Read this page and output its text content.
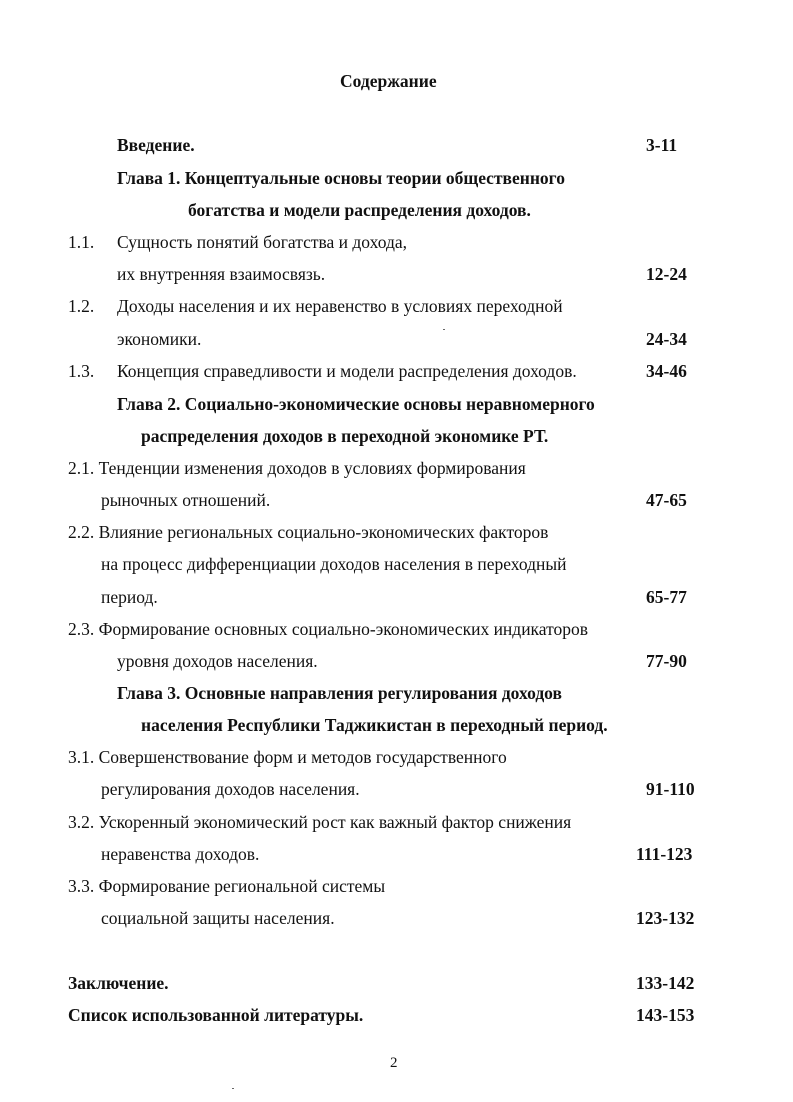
Содержание
Введение.	3-11
Глава 1. Концептуальные основы теории общественного
богатства и модели распределения доходов.
1.1. Сущность понятий богатства и дохода,
их внутренняя взаимосвязь.	12-24
1.2. Доходы населения и их неравенство в условиях переходной
экономики.	24-34
1.3. Концепция справедливости и модели распределения доходов.	34-46
Глава 2. Социально-экономические основы неравномерного
распределения доходов в переходной экономике РТ.
2.1. Тенденции изменения доходов в условиях формирования
рыночных отношений.	47-65
2.2. Влияние региональных социально-экономических факторов
на процесс дифференциации доходов населения в переходный
период.	65-77
2.3. Формирование основных социально-экономических индикаторов
уровня доходов населения.	77-90
Глава 3. Основные направления регулирования доходов
населения Республики Таджикистан в переходный период.
3.1. Совершенствование форм и методов государственного
регулирования доходов населения.	91-110
3.2. Ускоренный экономический рост как важный фактор снижения
неравенства доходов.	111-123
3.3. Формирование региональной системы
социальной защиты населения.	123-132
Заключение.	133-142
Список использованной литературы.	143-153
2
